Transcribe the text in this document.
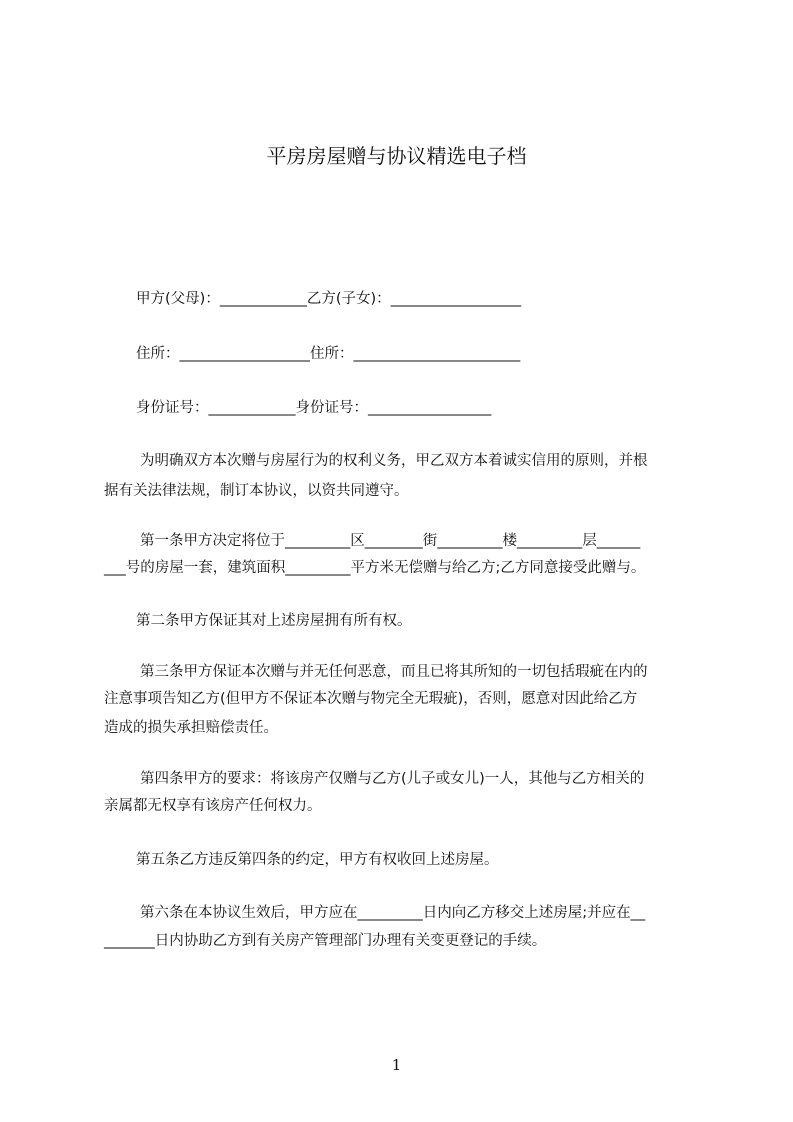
平房房屋赠与协议精选电子档
甲方(父母)：____________乙方(子女)：__________________
住所：__________________住所：_______________________
身份证号：____________身份证号：_________________
为明确双方本次赠与房屋行为的权利义务，甲乙双方本着诚实信用的原则，并根
据有关法律法规，制订本协议，以资共同遵守。
第一条甲方决定将位于_________区________街_________楼_________层______
___号的房屋一套，建筑面积_________平方米无偿赠与给乙方;乙方同意接受此赠与。
第二条甲方保证其对上述房屋拥有所有权。
第三条甲方保证本次赠与并无任何恶意，而且已将其所知的一切包括瑕疵在内的
注意事项告知乙方(但甲方不保证本次赠与物完全无瑕疵)，否则，愿意对因此给乙方
造成的损失承担赔偿责任。
第四条甲方的要求：将该房产仅赠与乙方(儿子或女儿)一人，其他与乙方相关的
亲属都无权享有该房产任何权力。
第五条乙方违反第四条的约定，甲方有权收回上述房屋。
第六条在本协议生效后，甲方应在_________日内向乙方移交上述房屋;并应在__
_______日内协助乙方到有关房产管理部门办理有关变更登记的手续。
1
